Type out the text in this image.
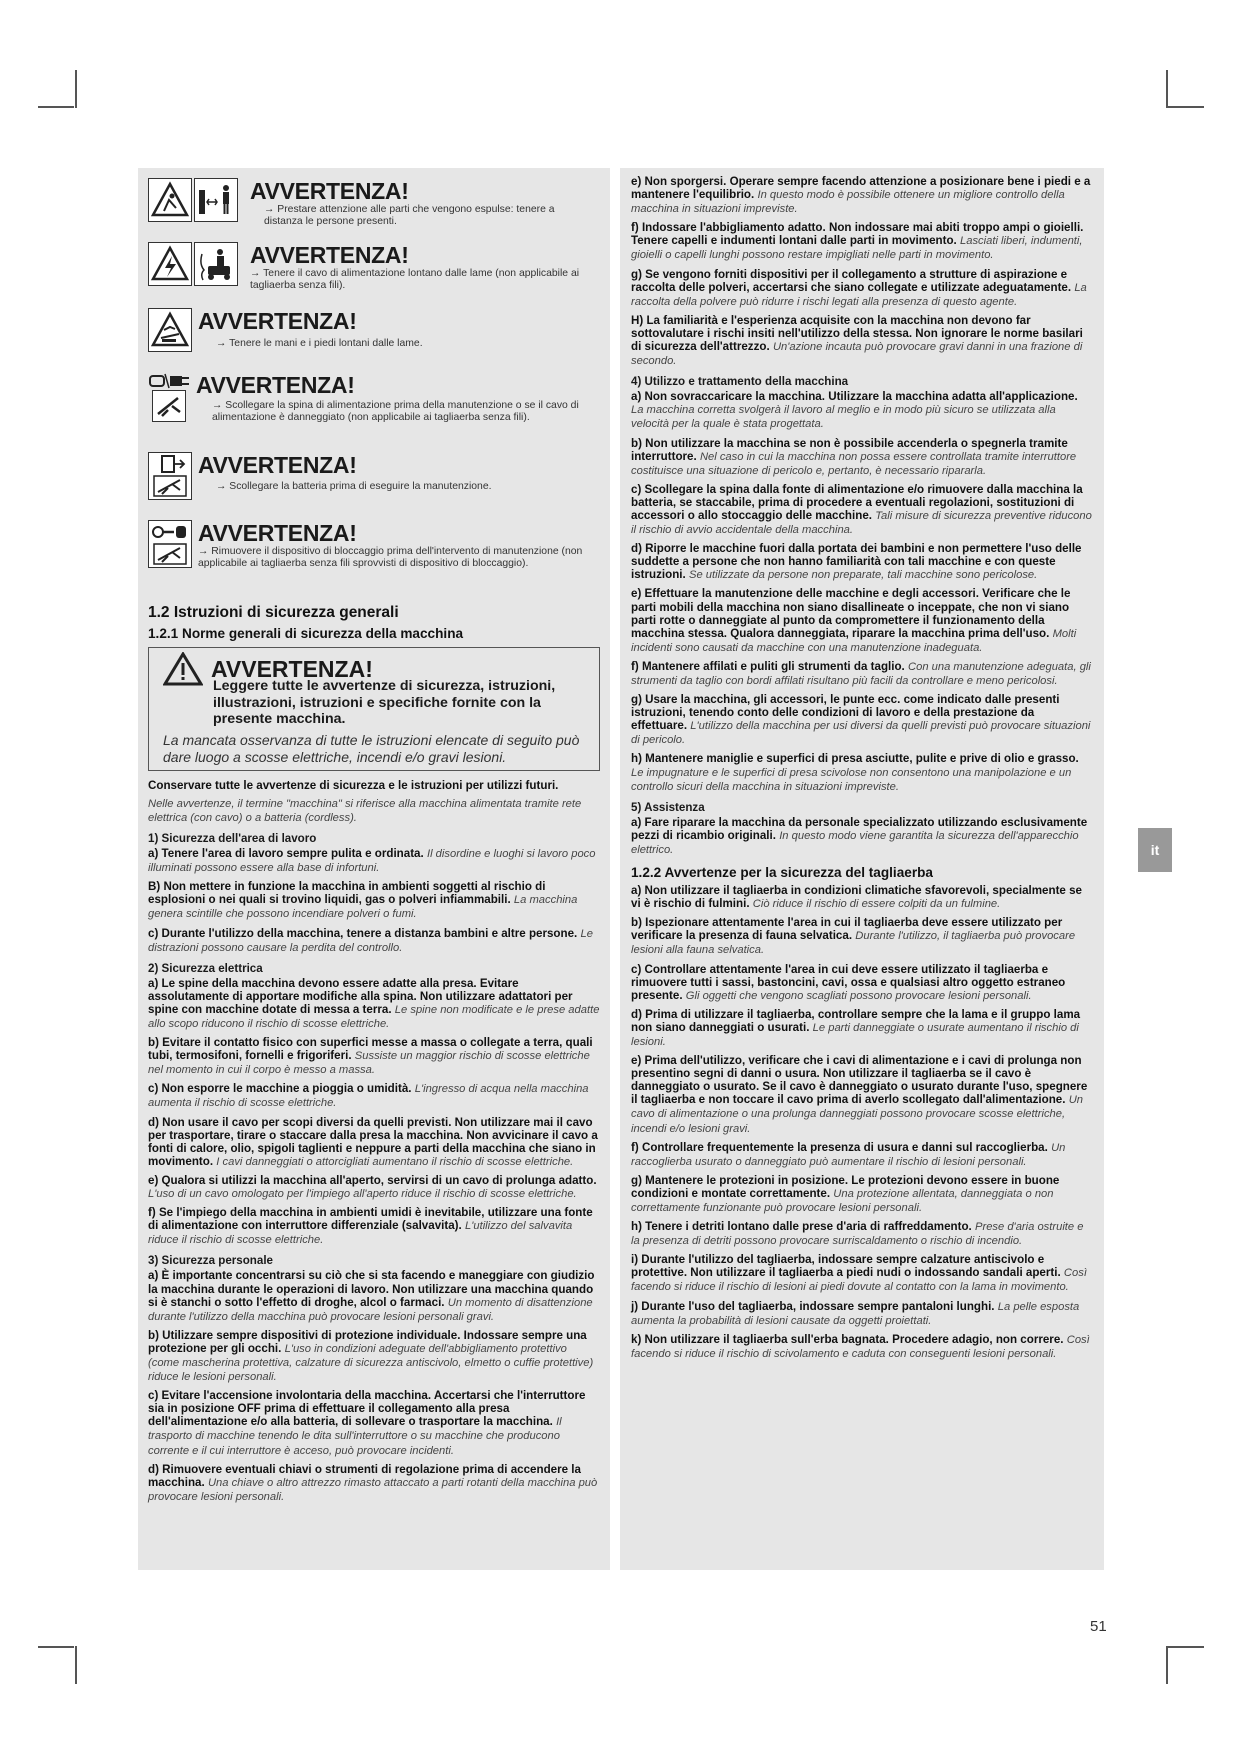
AVVERTENZA!
→ Prestare attenzione alle parti che vengono espulse: tenere a distanza le persone presenti.
AVVERTENZA!
→ Tenere il cavo di alimentazione lontano dalle lame (non applicabile ai tagliaerba senza fili).
AVVERTENZA!
→ Tenere le mani e i piedi lontani dalle lame.
AVVERTENZA!
→ Scollegare la spina di alimentazione prima della manutenzione o se il cavo di alimentazione è danneggiato (non applicabile ai tagliaerba senza fili).
AVVERTENZA!
→ Scollegare la batteria prima di eseguire la manutenzione.
AVVERTENZA!
→ Rimuovere il dispositivo di bloccaggio prima dell'intervento di manutenzione (non applicabile ai tagliaerba senza fili sprovvisti di dispositivo di bloccaggio).
1.2 Istruzioni di sicurezza generali
1.2.1 Norme generali di sicurezza della macchina
AVVERTENZA!
Leggere tutte le avvertenze di sicurezza, istruzioni, illustrazioni, istruzioni e specifiche fornite con la presente macchina.
La mancata osservanza di tutte le istruzioni elencate di seguito può dare luogo a scosse elettriche, incendi e/o gravi lesioni.
Conservare tutte le avvertenze di sicurezza e le istruzioni per utilizzi futuri.
Nelle avvertenze, il termine "macchina" si riferisce alla macchina alimentata tramite rete elettrica (con cavo) o a batteria (cordless).
1) Sicurezza dell'area di lavoro
a) Tenere l'area di lavoro sempre pulita e ordinata. Il disordine e luoghi si lavoro poco illuminati possono essere alla base di infortuni.
B) Non mettere in funzione la macchina in ambienti soggetti al rischio di esplosioni o nei quali si trovino liquidi, gas o polveri infiammabili. La macchina genera scintille che possono incendiare polveri o fumi.
c) Durante l'utilizzo della macchina, tenere a distanza bambini e altre persone. Le distrazioni possono causare la perdita del controllo.
2) Sicurezza elettrica
a) Le spine della macchina devono essere adatte alla presa. Evitare assolutamente di apportare modifiche alla spina. Non utilizzare adattatori per spine con macchine dotate di messa a terra. Le spine non modificate e le prese adatte allo scopo riducono il rischio di scosse elettriche.
b) Evitare il contatto fisico con superfici messe a massa o collegate a terra, quali tubi, termosifoni, fornelli e frigoriferi. Sussiste un maggior rischio di scosse elettriche nel momento in cui il corpo è messo a massa.
c) Non esporre le macchine a pioggia o umidità. L'ingresso di acqua nella macchina aumenta il rischio di scosse elettriche.
d) Non usare il cavo per scopi diversi da quelli previsti. Non utilizzare mai il cavo per trasportare, tirare o staccare dalla presa la macchina. Non avvicinare il cavo a fonti di calore, olio, spigoli taglienti e neppure a parti della macchina che siano in movimento. I cavi danneggiati o attorcigliati aumentano il rischio di scosse elettriche.
e) Qualora si utilizzi la macchina all'aperto, servirsi di un cavo di prolunga adatto. L'uso di un cavo omologato per l'impiego all'aperto riduce il rischio di scosse elettriche.
f) Se l'impiego della macchina in ambienti umidi è inevitabile, utilizzare una fonte di alimentazione con interruttore differenziale (salvavita). L'utilizzo del salvavita riduce il rischio di scosse elettriche.
3) Sicurezza personale
a) È importante concentrarsi su ciò che si sta facendo e maneggiare con giudizio la macchina durante le operazioni di lavoro. Non utilizzare una macchina quando si è stanchi o sotto l'effetto di droghe, alcol o farmaci. Un momento di disattenzione durante l'utilizzo della macchina può provocare lesioni personali gravi.
b) Utilizzare sempre dispositivi di protezione individuale. Indossare sempre una protezione per gli occhi. L'uso in condizioni adeguate dell'abbigliamento protettivo (come mascherina protettiva, calzature di sicurezza antiscivolo, elmetto o cuffie protettive) riduce le lesioni personali.
c) Evitare l'accensione involontaria della macchina. Accertarsi che l'interruttore sia in posizione OFF prima di effettuare il collegamento alla presa dell'alimentazione e/o alla batteria, di sollevare o trasportare la macchina. Il trasporto di macchine tenendo le dita sull'interruttore o su macchine che producono corrente e il cui interruttore è acceso, può provocare incidenti.
d) Rimuovere eventuali chiavi o strumenti di regolazione prima di accendere la macchina. Una chiave o altro attrezzo rimasto attaccato a parti rotanti della macchina può provocare lesioni personali.
e) Non sporgersi. Operare sempre facendo attenzione a posizionare bene i piedi e a mantenere l'equilibrio. In questo modo è possibile ottenere un migliore controllo della macchina in situazioni impreviste.
f) Indossare l'abbigliamento adatto. Non indossare mai abiti troppo ampi o gioielli. Tenere capelli e indumenti lontani dalle parti in movimento. Lasciati liberi, indumenti, gioielli o capelli lunghi possono restare impigliati nelle parti in movimento.
g) Se vengono forniti dispositivi per il collegamento a strutture di aspirazione e raccolta delle polveri, accertarsi che siano collegate e utilizzate adeguatamente. La raccolta della polvere può ridurre i rischi legati alla presenza di questo agente.
H) La familiarità e l'esperienza acquisite con la macchina non devono far sottovalutare i rischi insiti nell'utilizzo della stessa. Non ignorare le norme basilari di sicurezza dell'attrezzo. Un'azione incauta può provocare gravi danni in una frazione di secondo.
4) Utilizzo e trattamento della macchina
a) Non sovraccaricare la macchina. Utilizzare la macchina adatta all'applicazione. La macchina corretta svolgerà il lavoro al meglio e in modo più sicuro se utilizzata alla velocità per la quale è stata progettata.
b) Non utilizzare la macchina se non è possibile accenderla o spegnerla tramite interruttore. Nel caso in cui la macchina non possa essere controllata tramite interruttore costituisce una situazione di pericolo e, pertanto, è necessario ripararla.
c) Scollegare la spina dalla fonte di alimentazione e/o rimuovere dalla macchina la batteria, se staccabile, prima di procedere a eventuali regolazioni, sostituzioni di accessori o allo stoccaggio delle macchine. Tali misure di sicurezza preventive riducono il rischio di avvio accidentale della macchina.
d) Riporre le macchine fuori dalla portata dei bambini e non permettere l'uso delle suddette a persone che non hanno familiarità con tali macchine e con queste istruzioni. Se utilizzate da persone non preparate, tali macchine sono pericolose.
e) Effettuare la manutenzione delle macchine e degli accessori. Verificare che le parti mobili della macchina non siano disallineate o inceppate, che non vi siano parti rotte o danneggiate al punto da compromettere il funzionamento della macchina stessa. Qualora danneggiata, riparare la macchina prima dell'uso. Molti incidenti sono causati da macchine con una manutenzione inadeguata.
f) Mantenere affilati e puliti gli strumenti da taglio. Con una manutenzione adeguata, gli strumenti da taglio con bordi affilati risultano più facili da controllare e meno pericolosi.
g) Usare la macchina, gli accessori, le punte ecc. come indicato dalle presenti istruzioni, tenendo conto delle condizioni di lavoro e della prestazione da effettuare. L'utilizzo della macchina per usi diversi da quelli previsti può provocare situazioni di pericolo.
h) Mantenere maniglie e superfici di presa asciutte, pulite e prive di olio e grasso. Le impugnature e le superfici di presa scivolose non consentono una manipolazione e un controllo sicuri della macchina in situazioni impreviste.
5) Assistenza
a) Fare riparare la macchina da personale specializzato utilizzando esclusivamente pezzi di ricambio originali. In questo modo viene garantita la sicurezza dell'apparecchio elettrico.
1.2.2 Avvertenze per la sicurezza del tagliaerba
a) Non utilizzare il tagliaerba in condizioni climatiche sfavorevoli, specialmente se vi è rischio di fulmini. Ciò riduce il rischio di essere colpiti da un fulmine.
b) Ispezionare attentamente l'area in cui il tagliaerba deve essere utilizzato per verificare la presenza di fauna selvatica. Durante l'utilizzo, il tagliaerba può provocare lesioni alla fauna selvatica.
c) Controllare attentamente l'area in cui deve essere utilizzato il tagliaerba e rimuovere tutti i sassi, bastoncini, cavi, ossa e qualsiasi altro oggetto estraneo presente. Gli oggetti che vengono scagliati possono provocare lesioni personali.
d) Prima di utilizzare il tagliaerba, controllare sempre che la lama e il gruppo lama non siano danneggiati o usurati. Le parti danneggiate o usurate aumentano il rischio di lesioni.
e) Prima dell'utilizzo, verificare che i cavi di alimentazione e i cavi di prolunga non presentino segni di danni o usura. Non utilizzare il tagliaerba se il cavo è danneggiato o usurato. Se il cavo è danneggiato o usurato durante l'uso, spegnere il tagliaerba e non toccare il cavo prima di averlo scollegato dall'alimentazione. Un cavo di alimentazione o una prolunga danneggiati possono provocare scosse elettriche, incendi e/o lesioni gravi.
f) Controllare frequentemente la presenza di usura e danni sul raccoglierba. Un raccoglierba usurato o danneggiato può aumentare il rischio di lesioni personali.
g) Mantenere le protezioni in posizione. Le protezioni devono essere in buone condizioni e montate correttamente. Una protezione allentata, danneggiata o non correttamente funzionante può provocare lesioni personali.
h) Tenere i detriti lontano dalle prese d'aria di raffreddamento. Prese d'aria ostruite e la presenza di detriti possono provocare surriscaldamento o rischio di incendio.
i) Durante l'utilizzo del tagliaerba, indossare sempre calzature antiscivolo e protettive. Non utilizzare il tagliaerba a piedi nudi o indossando sandali aperti. Così facendo si riduce il rischio di lesioni ai piedi dovute al contatto con la lama in movimento.
j) Durante l'uso del tagliaerba, indossare sempre pantaloni lunghi. La pelle esposta aumenta la probabilità di lesioni causate da oggetti proiettati.
k) Non utilizzare il tagliaerba sull'erba bagnata. Procedere adagio, non correre. Così facendo si riduce il rischio di scivolamento e caduta con conseguenti lesioni personali.
it
51
